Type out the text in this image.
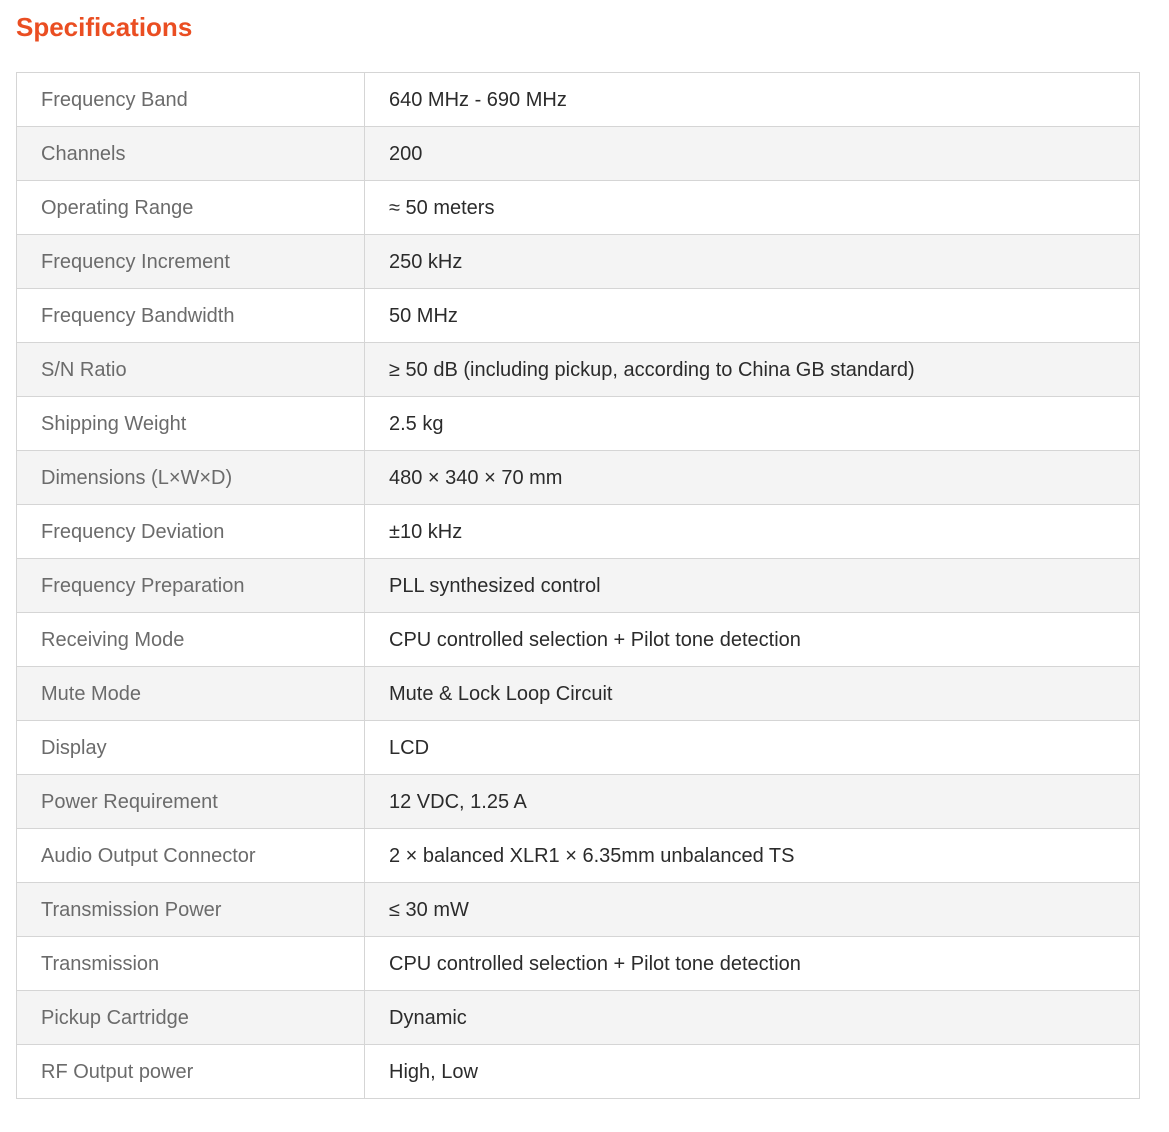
Specifications
Frequency Band	640 MHz - 690 MHz
Channels	200
Operating Range	≈ 50 meters
Frequency Increment	250 kHz
Frequency Bandwidth	50 MHz
S/N Ratio	≥ 50 dB (including pickup, according to China GB standard)
Shipping Weight	2.5 kg
Dimensions (L×W×D)	480 × 340 × 70 mm
Frequency Deviation	±10 kHz
Frequency Preparation	PLL synthesized control
Receiving Mode	CPU controlled selection + Pilot tone detection
Mute Mode	Mute & Lock Loop Circuit
Display	LCD
Power Requirement	12 VDC, 1.25 A
Audio Output Connector	2 × balanced XLR1 × 6.35mm unbalanced TS
Transmission Power	≤ 30 mW
Transmission	CPU controlled selection + Pilot tone detection
Pickup Cartridge	Dynamic
RF Output power	High, Low
